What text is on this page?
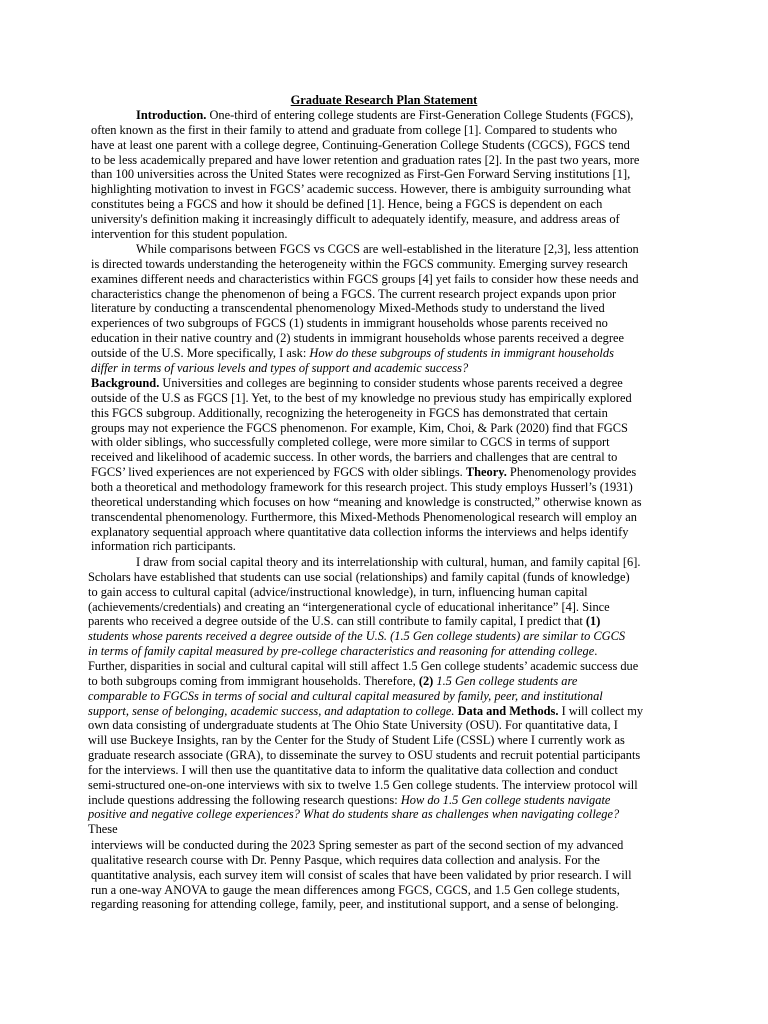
Graduate Research Plan Statement
Introduction. One-third of entering college students are First-Generation College Students (FGCS),
often known as the first in their family to attend and graduate from college [1]. Compared to students who
have at least one parent with a college degree, Continuing-Generation College Students (CGCS), FGCS tend
to be less academically prepared and have lower retention and graduation rates [2]. In the past two years, more
than 100 universities across the United States were recognized as First-Gen Forward Serving institutions [1],
highlighting motivation to invest in FGCS’ academic success. However, there is ambiguity surrounding what
constitutes being a FGCS and how it should be defined [1]. Hence, being a FGCS is dependent on each
university's definition making it increasingly difficult to adequately identify, measure, and address areas of
intervention for this student population.
While comparisons between FGCS vs CGCS are well-established in the literature [2,3], less attention
is directed towards understanding the heterogeneity within the FGCS community. Emerging survey research
examines different needs and characteristics within FGCS groups [4] yet fails to consider how these needs and
characteristics change the phenomenon of being a FGCS. The current research project expands upon prior
literature by conducting a transcendental phenomenology Mixed-Methods study to understand the lived
experiences of two subgroups of FGCS (1) students in immigrant households whose parents received no
education in their native country and (2) students in immigrant households whose parents received a degree
outside of the U.S. More specifically, I ask: How do these subgroups of students in immigrant households
differ in terms of various levels and types of support and academic success?
Background. Universities and colleges are beginning to consider students whose parents received a degree
outside of the U.S as FGCS [1]. Yet, to the best of my knowledge no previous study has empirically explored
this FGCS subgroup. Additionally, recognizing the heterogeneity in FGCS has demonstrated that certain
groups may not experience the FGCS phenomenon. For example, Kim, Choi, & Park (2020) find that FGCS
with older siblings, who successfully completed college, were more similar to CGCS in terms of support
received and likelihood of academic success. In other words, the barriers and challenges that are central to
FGCS’ lived experiences are not experienced by FGCS with older siblings. Theory. Phenomenology provides
both a theoretical and methodology framework for this research project. This study employs Husserl’s (1931)
theoretical understanding which focuses on how “meaning and knowledge is constructed,” otherwise known as
transcendental phenomenology. Furthermore, this Mixed-Methods Phenomenological research will employ an
explanatory sequential approach where quantitative data collection informs the interviews and helps identify
information rich participants.
I draw from social capital theory and its interrelationship with cultural, human, and family capital [6].
Scholars have established that students can use social (relationships) and family capital (funds of knowledge)
to gain access to cultural capital (advice/instructional knowledge), in turn, influencing human capital
(achievements/credentials) and creating an “intergenerational cycle of educational inheritance” [4]. Since
parents who received a degree outside of the U.S. can still contribute to family capital, I predict that (1)
students whose parents received a degree outside of the U.S. (1.5 Gen college students) are similar to CGCS
in terms of family capital measured by pre-college characteristics and reasoning for attending college.
Further, disparities in social and cultural capital will still affect 1.5 Gen college students’ academic success due
to both subgroups coming from immigrant households. Therefore, (2) 1.5 Gen college students are
comparable to FGCSs in terms of social and cultural capital measured by family, peer, and institutional
support, sense of belonging, academic success, and adaptation to college. Data and Methods. I will collect my
own data consisting of undergraduate students at The Ohio State University (OSU). For quantitative data, I
will use Buckeye Insights, ran by the Center for the Study of Student Life (CSSL) where I currently work as
graduate research associate (GRA), to disseminate the survey to OSU students and recruit potential participants
for the interviews. I will then use the quantitative data to inform the qualitative data collection and conduct
semi-structured one-on-one interviews with six to twelve 1.5 Gen college students. The interview protocol will
include questions addressing the following research questions: How do 1.5 Gen college students navigate
positive and negative college experiences? What do students share as challenges when navigating college?
These
interviews will be conducted during the 2023 Spring semester as part of the second section of my advanced
qualitative research course with Dr. Penny Pasque, which requires data collection and analysis. For the
quantitative analysis, each survey item will consist of scales that have been validated by prior research. I will
run a one-way ANOVA to gauge the mean differences among FGCS, CGCS, and 1.5 Gen college students,
regarding reasoning for attending college, family, peer, and institutional support, and a sense of belonging.
